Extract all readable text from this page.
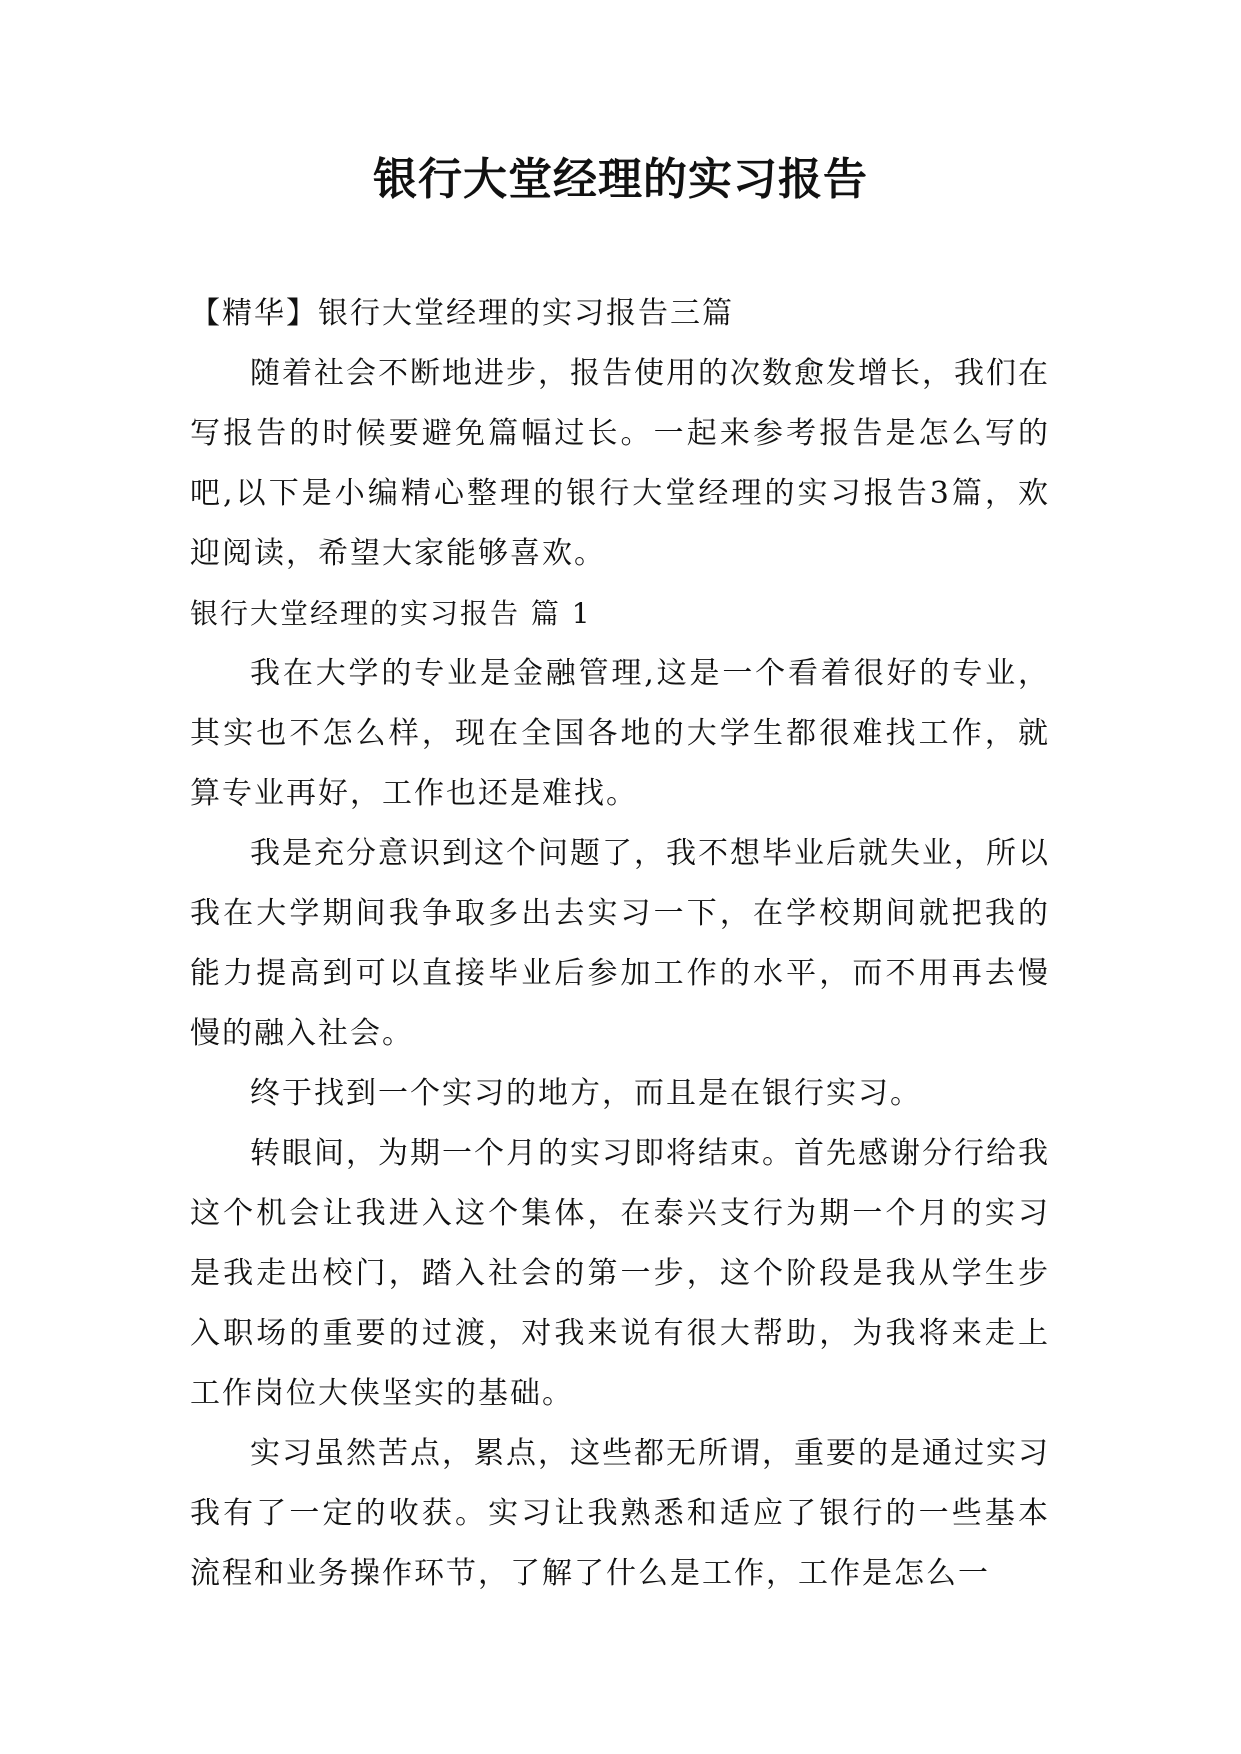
银行大堂经理的实习报告

【精华】银行大堂经理的实习报告三篇

随着社会不断地进步，报告使用的次数愈发增长，我们在写报告的时候要避免篇幅过长。一起来参考报告是怎么写的吧,以下是小编精心整理的银行大堂经理的实习报告3篇，欢迎阅读，希望大家能够喜欢。

银行大堂经理的实习报告 篇 1

我在大学的专业是金融管理,这是一个看着很好的专业，其实也不怎么样，现在全国各地的大学生都很难找工作，就算专业再好，工作也还是难找。

我是充分意识到这个问题了，我不想毕业后就失业，所以我在大学期间我争取多出去实习一下，在学校期间就把我的能力提高到可以直接毕业后参加工作的水平，而不用再去慢慢的融入社会。

终于找到一个实习的地方，而且是在银行实习。

转眼间，为期一个月的实习即将结束。首先感谢分行给我这个机会让我进入这个集体，在泰兴支行为期一个月的实习是我走出校门，踏入社会的第一步，这个阶段是我从学生步入职场的重要的过渡，对我来说有很大帮助，为我将来走上工作岗位大侠坚实的基础。

实习虽然苦点，累点，这些都无所谓，重要的是通过实习我有了一定的收获。实习让我熟悉和适应了银行的一些基本流程和业务操作环节，了解了什么是工作，工作是怎么一
